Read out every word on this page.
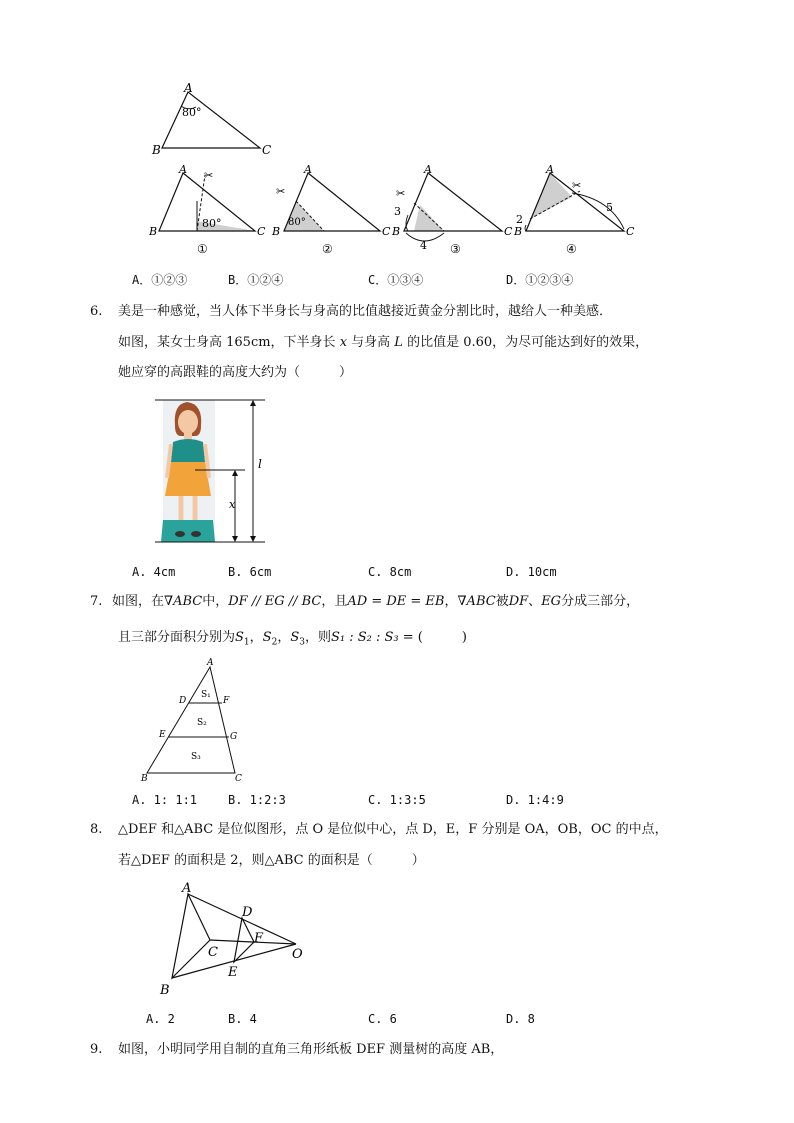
A
80°
B	C
✂
A
B	C
80°
①
✂
A
B	C
80°
②
✂
A
B	C
3
4 ③
✂
A
B	C
2
5
④
A．①②③	B．①②④	C．①③④	D．①②③④
6. 美是一种感觉，当人体下半身长与身高的比值越接近黄金分割比时，越给人一种美感．
如图，某女士身高 165cm，下半身长 x 与身高 L 的比值是 0.60，为尽可能达到好的效果，
她应穿的高跟鞋的高度大约为（　　　）
l
x
A. 4cm	B. 6cm	C. 8cm	D. 10cm
7. 如图，在∇ABC中，DF // EG // BC，且AD = DE = EB，∇ABC被DF、EG分成三部分，
且三部分面积分别为$S_1$，$S_2$，$S_3$，则S₁ : S₂ : S₃ = (　　　)
A
D	F
E	G
B	C
S₁
S₂
S₃
A. 1: 1:1	B. 1:2:3	C. 1:3:5	D. 1:4:9
8. △DEF 和△ABC 是位似图形，点 O 是位似中心，点 D，E，F 分别是 OA，OB，OC 的中点，
若△DEF 的面积是 2，则△ABC 的面积是（　　　）
A
B
C
D
E
F
O
A. 2	B. 4	C. 6	D. 8
9. 如图，小明同学用自制的直角三角形纸板 DEF 测量树的高度 AB，
